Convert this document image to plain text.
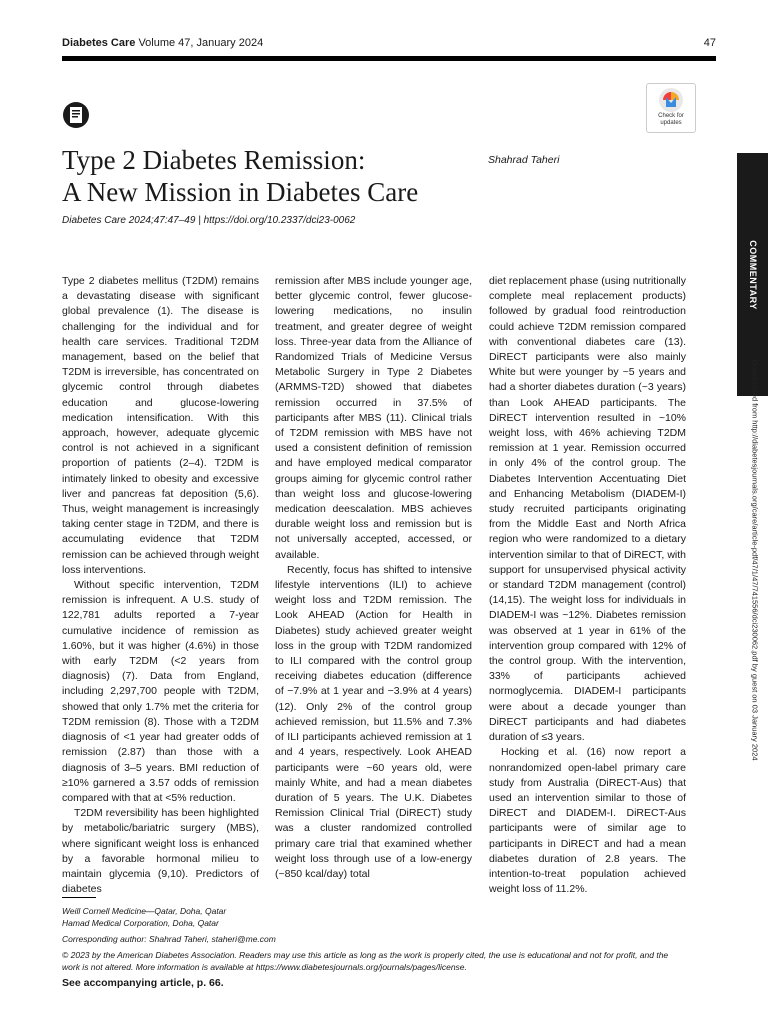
Diabetes Care Volume 47, January 2024	47
Check for
updates
Type 2 Diabetes Remission:
A New Mission in Diabetes Care
Shahrad Taheri
Diabetes Care 2024;47:47–49 | https://doi.org/10.2337/dci23-0062
COMMENTARY
Downloaded from http://diabetesjournals.org/care/article-pdf/47/1/47/741556/dci230062.pdf by guest on 03 January 2024

Type 2 diabetes mellitus (T2DM) remains a devastating disease with significant global prevalence (1). The disease is challenging for the individual and for health care services. Traditional T2DM management, based on the belief that T2DM is irreversible, has concentrated on glycemic control through diabetes education and glucose-lowering medication intensification. With this approach, however, adequate glycemic control is not achieved in a significant proportion of patients (2–4). T2DM is intimately linked to obesity and excessive liver and pancreas fat deposition (5,6). Thus, weight management is increasingly taking center stage in T2DM, and there is accumulating evidence that T2DM remission can be achieved through weight loss interventions.

Without specific intervention, T2DM remission is infrequent. A U.S. study of 122,781 adults reported a 7-year cumulative incidence of remission as 1.60%, but it was higher (4.6%) in those with early T2DM (<2 years from diagnosis) (7). Data from England, including 2,297,700 people with T2DM, showed that only 1.7% met the criteria for T2DM remission (8). Those with a T2DM diagnosis of <1 year had greater odds of remission (2.87) than those with a diagnosis of 3–5 years. BMI reduction of ≥10% garnered a 3.57 odds of remission compared with that at <5% reduction.

T2DM reversibility has been highlighted by metabolic/bariatric surgery (MBS), where significant weight loss is enhanced by a favorable hormonal milieu to maintain glycemia (9,10). Predictors of diabetes

remission after MBS include younger age, better glycemic control, fewer glucose-lowering medications, no insulin treatment, and greater degree of weight loss. Three-year data from the Alliance of Randomized Trials of Medicine Versus Metabolic Surgery in Type 2 Diabetes (ARMMS-T2D) showed that diabetes remission occurred in 37.5% of participants after MBS (11). Clinical trials of T2DM remission with MBS have not used a consistent definition of remission and have employed medical comparator groups aiming for glycemic control rather than weight loss and glucose-lowering medication deescalation. MBS achieves durable weight loss and remission but is not universally accepted, accessed, or available.

Recently, focus has shifted to intensive lifestyle interventions (ILI) to achieve weight loss and T2DM remission. The Look AHEAD (Action for Health in Diabetes) study achieved greater weight loss in the group with T2DM randomized to ILI compared with the control group receiving diabetes education (difference of −7.9% at 1 year and −3.9% at 4 years) (12). Only 2% of the control group achieved remission, but 11.5% and 7.3% of ILI participants achieved remission at 1 and 4 years, respectively. Look AHEAD participants were ~60 years old, were mainly White, and had a mean diabetes duration of 5 years. The U.K. Diabetes Remission Clinical Trial (DiRECT) study was a cluster randomized controlled primary care trial that examined whether weight loss through use of a low-energy (~850 kcal/day) total

diet replacement phase (using nutritionally complete meal replacement products) followed by gradual food reintroduction could achieve T2DM remission compared with conventional diabetes care (13). DiRECT participants were also mainly White but were younger by ~5 years and had a shorter diabetes duration (~3 years) than Look AHEAD participants. The DiRECT intervention resulted in ~10% weight loss, with 46% achieving T2DM remission at 1 year. Remission occurred in only 4% of the control group. The Diabetes Intervention Accentuating Diet and Enhancing Metabolism (DIADEM-I) study recruited participants originating from the Middle East and North Africa region who were randomized to a dietary intervention similar to that of DiRECT, with support for unsupervised physical activity or standard T2DM management (control) (14,15). The weight loss for individuals in DIADEM-I was ~12%. Diabetes remission was observed at 1 year in 61% of the intervention group compared with 12% of the control group. With the intervention, 33% of participants achieved normoglycemia. DIADEM-I participants were about a decade younger than DiRECT participants and had diabetes duration of ≤3 years.

Hocking et al. (16) now report a nonrandomized open-label primary care study from Australia (DiRECT-Aus) that used an intervention similar to those of DiRECT and DIADEM-I. DiRECT-Aus participants were of similar age to participants in DiRECT and had a mean diabetes duration of 2.8 years. The intention-to-treat population achieved weight loss of 11.2%.

Weill Cornell Medicine—Qatar, Doha, Qatar
Hamad Medical Corporation, Doha, Qatar
Corresponding author: Shahrad Taheri, staheri@me.com
© 2023 by the American Diabetes Association. Readers may use this article as long as the work is properly cited, the use is educational and not for profit, and the work is not altered. More information is available at https://www.diabetesjournals.org/journals/pages/license.
See accompanying article, p. 66.
